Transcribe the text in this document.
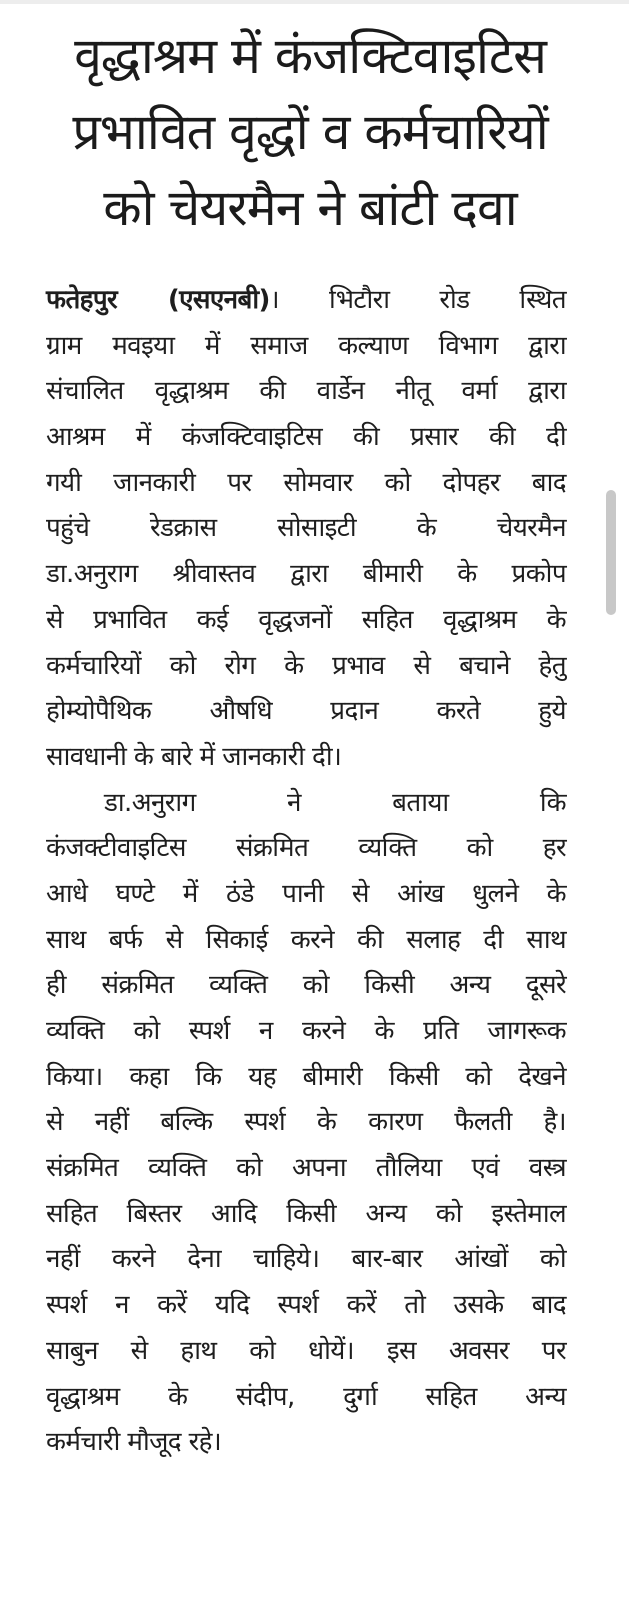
वृद्धाश्रम में कंजक्टिवाइटिस
प्रभावित वृद्धों व कर्मचारियों
को चेयरमैन ने बांटी दवा
फतेहपुर (एसएनबी)। भिटौरा रोड स्थित
ग्राम मवइया में समाज कल्याण विभाग द्वारा
संचालित वृद्धाश्रम की वार्डेन नीतू वर्मा द्वारा
आश्रम में कंजक्टिवाइटिस की प्रसार की दी
गयी जानकारी पर सोमवार को दोपहर बाद
पहुंचे रेडक्रास सोसाइटी के चेयरमैन
डा.अनुराग श्रीवास्तव द्वारा बीमारी के प्रकोप
से प्रभावित कई वृद्धजनों सहित वृद्धाश्रम के
कर्मचारियों को रोग के प्रभाव से बचाने हेतु
होम्योपैथिक औषधि प्रदान करते हुये
सावधानी के बारे में जानकारी दी।
डा.अनुराग ने बताया कि
कंजक्टीवाइटिस संक्रमित व्यक्ति को हर
आधे घण्टे में ठंडे पानी से आंख धुलने के
साथ बर्फ से सिकाई करने की सलाह दी साथ
ही संक्रमित व्यक्ति को किसी अन्य दूसरे
व्यक्ति को स्पर्श न करने के प्रति जागरूक
किया। कहा कि यह बीमारी किसी को देखने
से नहीं बल्कि स्पर्श के कारण फैलती है।
संक्रमित व्यक्ति को अपना तौलिया एवं वस्त्र
सहित बिस्तर आदि किसी अन्य को इस्तेमाल
नहीं करने देना चाहिये। बार-बार आंखों को
स्पर्श न करें यदि स्पर्श करें तो उसके बाद
साबुन से हाथ को धोयें। इस अवसर पर
वृद्धाश्रम के संदीप, दुर्गा सहित अन्य
कर्मचारी मौजूद रहे।
